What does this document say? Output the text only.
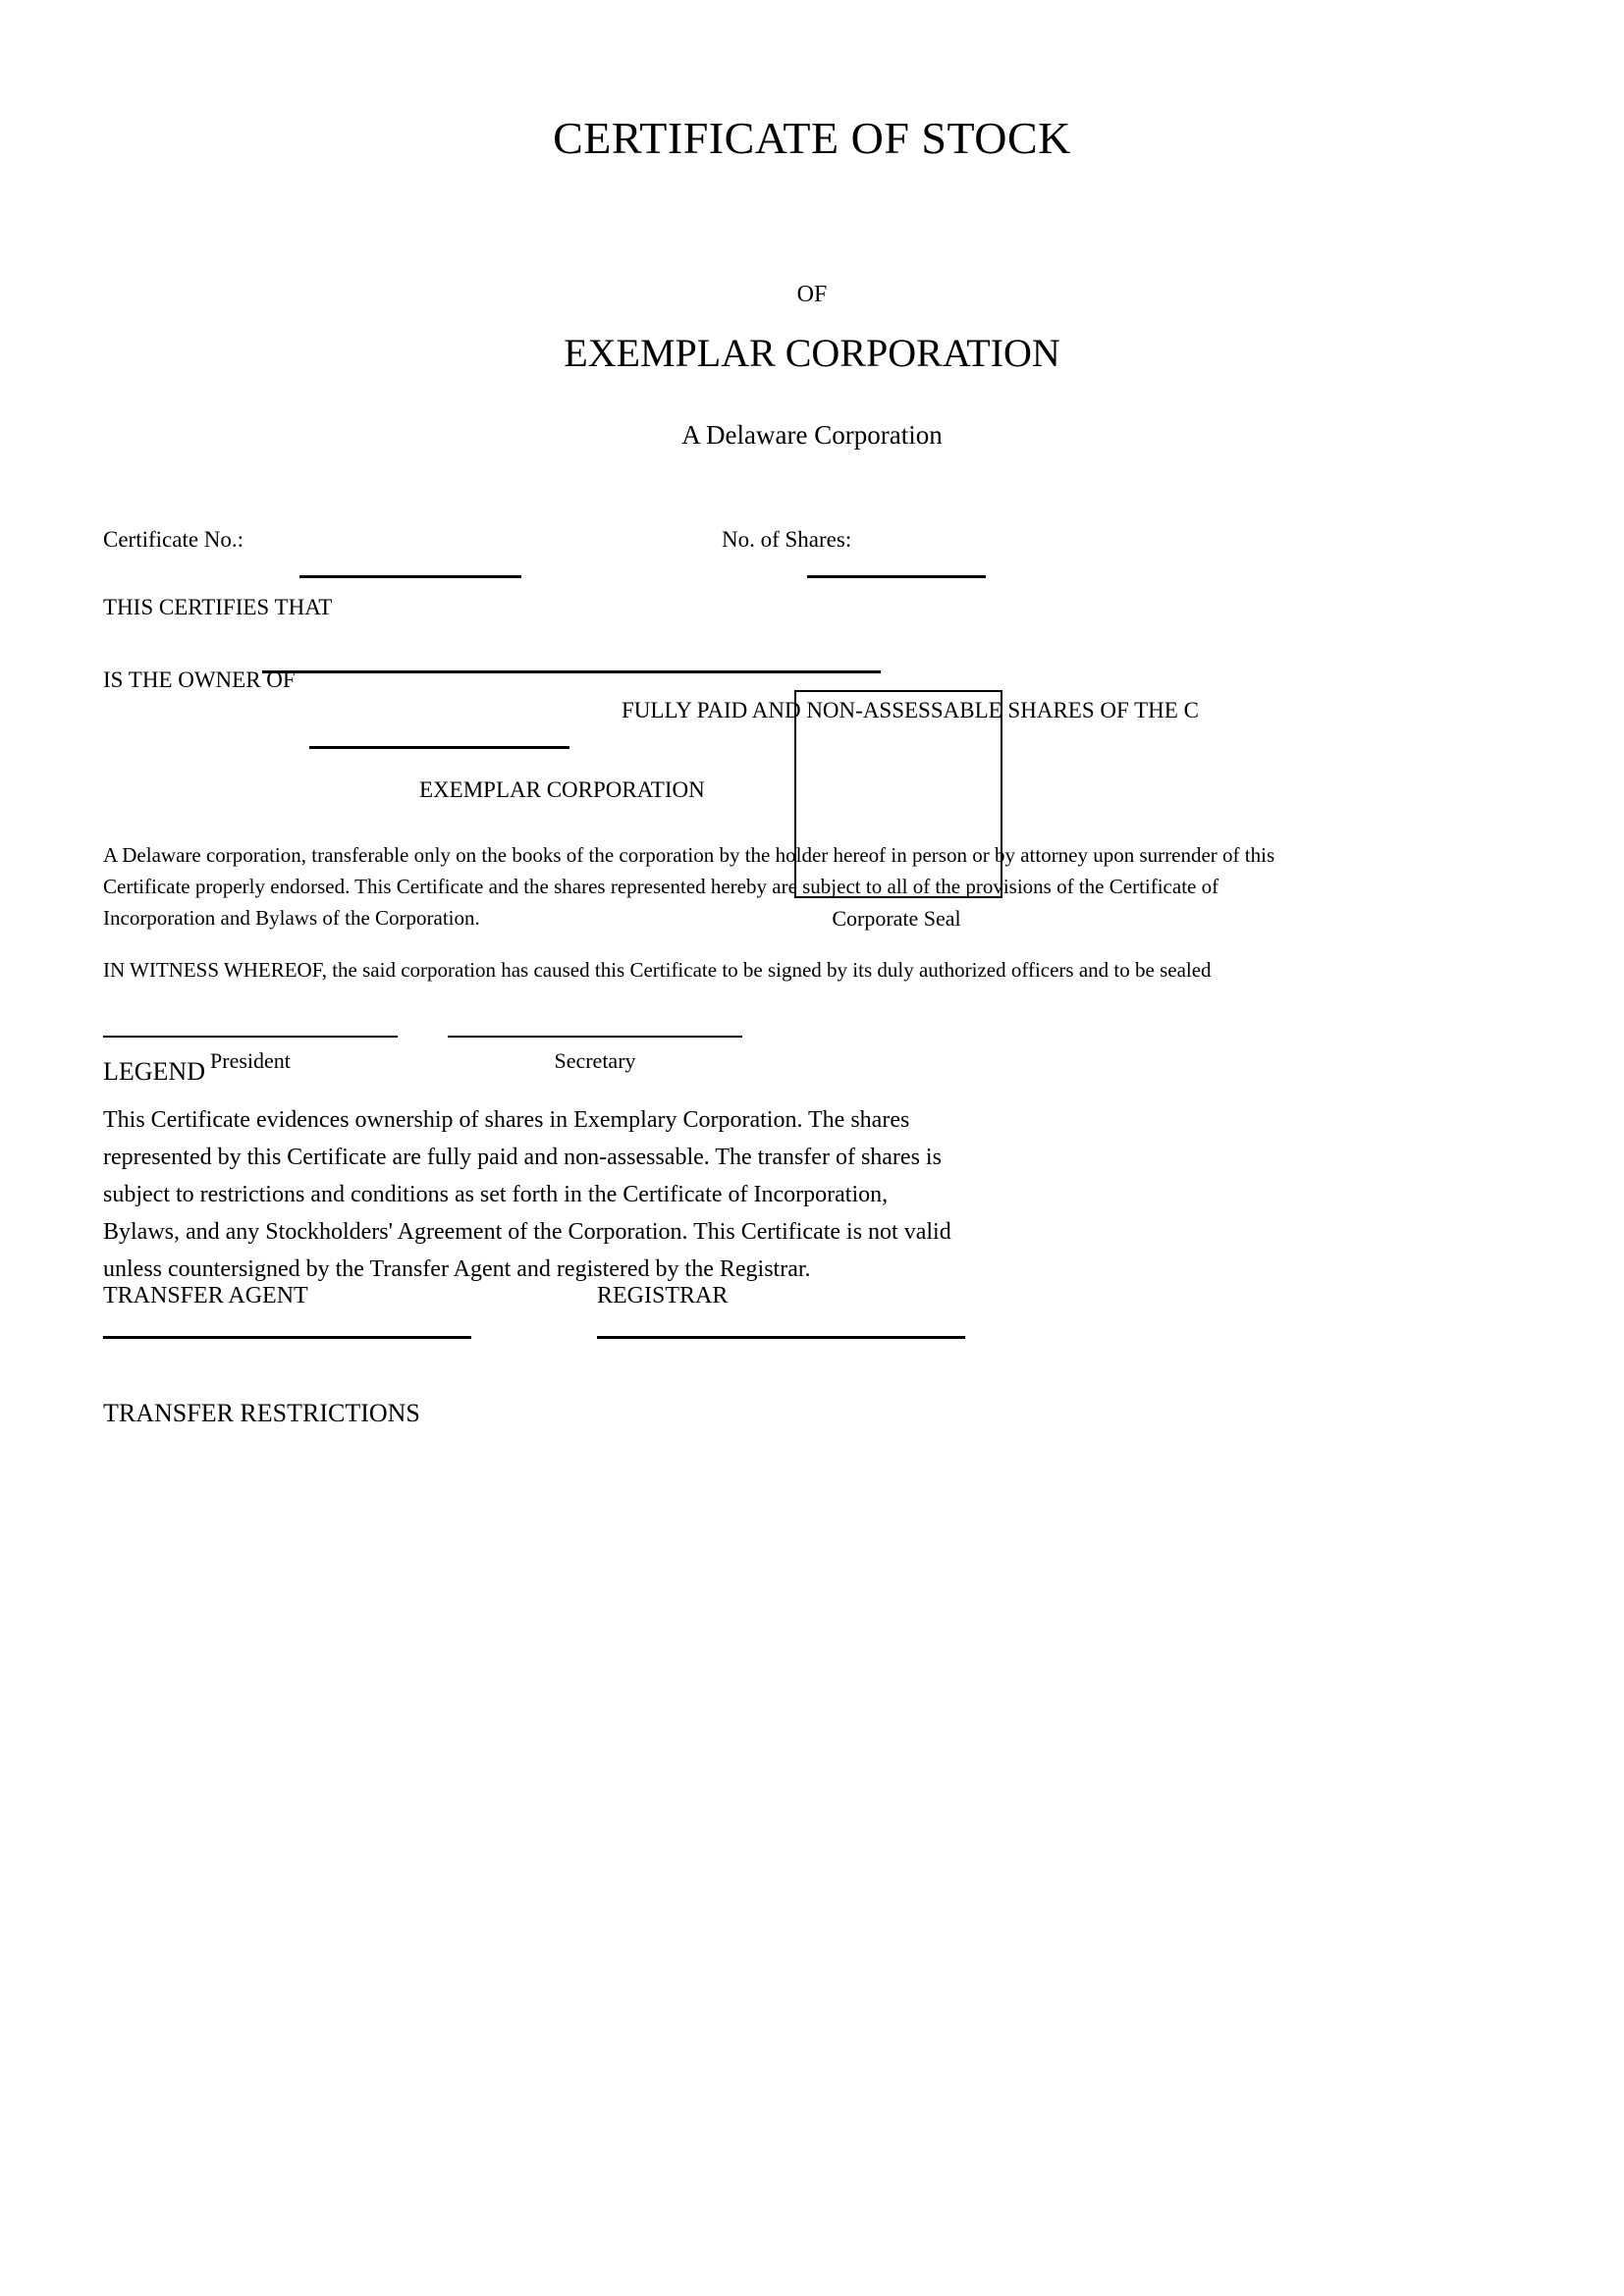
CERTIFICATE OF STOCK
OF
EXEMPLAR CORPORATION
A Delaware Corporation
Certificate No.:	No. of Shares:
THIS CERTIFIES THAT
IS THE OWNER OF
FULLY PAID AND NON-ASSESSABLE SHARES OF THE C
EXEMPLAR CORPORATION
A Delaware corporation, transferable only on the books of the corporation by the holder hereof in person or by attorney upon surrender of this Certificate properly endorsed. This Certificate and the shares represented hereby are subject to all of the provisions of the Certificate of Incorporation and Bylaws of the Corporation.
IN WITNESS WHEREOF, the said corporation has caused this Certificate to be signed by its duly authorized officers and to be sealed
President	Secretary
Corporate Seal
LEGEND
This Certificate evidences ownership of shares in Exemplary Corporation. The shares represented by this Certificate are fully paid and non-assessable. The transfer of shares is subject to restrictions and conditions as set forth in the Certificate of Incorporation, Bylaws, and any Stockholders' Agreement of the Corporation. This Certificate is not valid unless countersigned by the Transfer Agent and registered by the Registrar.
TRANSFER AGENT	REGISTRAR
TRANSFER RESTRICTIONS
